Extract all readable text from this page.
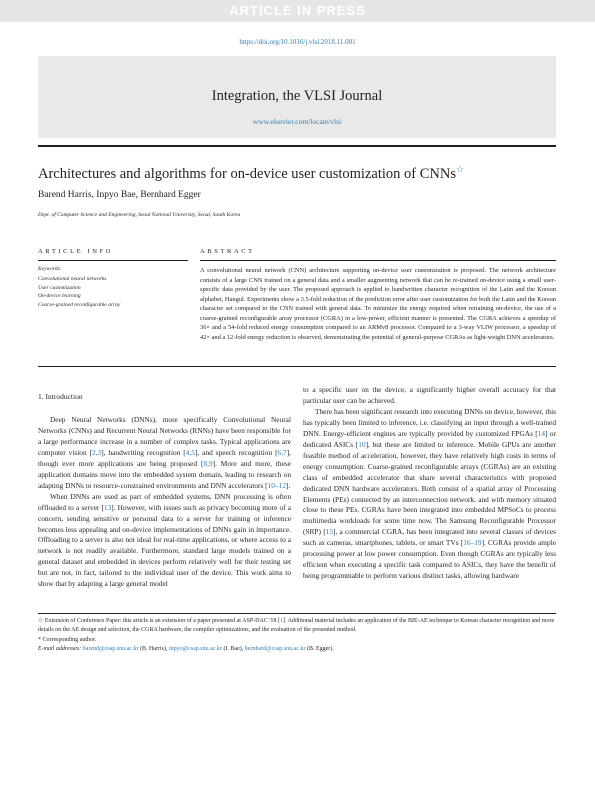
ARTICLE IN PRESS
https://doi.org/10.1016/j.vlsi.2018.11.001
Integration, the VLSI Journal
www.elsevier.com/locate/vlsi
Architectures and algorithms for on-device user customization of CNNs☆
Barend Harris, Inpyo Bae, Bernhard Egger
Dept. of Computer Science and Engineering, Seoul National University, Seoul, South Korea
ARTICLE INFO	ABSTRACT
Keywords:
Convolutional neural networks
User customization
On-device learning
Coarse-grained reconfigurable array
A convolutional neural network (CNN) architecture supporting on-device user customization is proposed. The network architecture consists of a large CNN trained on a general data and a smaller augmenting network that can be re-trained on-device using a small user-specific data provided by the user. The proposed approach is applied to handwritten character recognition of the Latin and the Korean alphabet, Hangul. Experiments show a 3.5-fold reduction of the prediction error after user customization for both the Latin and the Korean character set compared to the CNN trained with general data. To minimize the energy required when retraining on-device, the use of a coarse-grained reconfigurable array processor (CGRA) in a low-power, efficient manner is presented. The CGRA achieves a speedup of 36× and a 54-fold reduced energy consumption compared to an ARMv8 processor. Compared to a 3-way VLIW processor, a speedup of 42× and a 12-fold energy reduction is observed, demonstrating the potential of general-purpose CGRAs as light-weight DNN accelerators.
1. Introduction

Deep Neural Networks (DNNs), more specifically Convolutional Neural Networks (CNNs) and Recurrent Neural Networks (RNNs) have been responsible for a large performance increase in a number of complex tasks. Typical applications are computer vision [2,3], handwriting recognition [4,5], and speech recognition [6,7], though ever more applications are being proposed [8,9]. More and more, these application domains move into the embedded system domain, leading to research on adapting DNNs to resource-constrained environments and DNN accelerators [10–12].

When DNNs are used as part of embedded systems, DNN processing is often offloaded to a server [13]. However, with issues such as privacy becoming more of a concern, sending sensitive or personal data to a server for training or inference becomes less appealing and on-device implementations of DNNs gain in importance. Offloading to a server is also not ideal for real-time applications, or where access to a network is not readily available. Furthermore, standard large models trained on a general dataset and embedded in devices perform relatively well for their testing set but are not, in fact, tailored to the individual user of the device. This work aims to show that by adapting a large general model

to a specific user on the device, a significantly higher overall accuracy for that particular user can be achieved.

There has been significant research into executing DNNs on device, however, this has typically been limited to inference, i.e. classifying an input through a well-trained DNN. Energy-efficient engines are typically provided by customized FPGAs [14] or dedicated ASICs [10], but these are limited to inference. Mobile GPUs are another feasible method of acceleration, however, they have relatively high costs in terms of energy consumption. Coarse-grained reconfigurable arrays (CGRAs) are an existing class of embedded accelerator that share several characteristics with proposed dedicated DNN hardware accelerators. Both consist of a spatial array of Processing Elements (PEs) connected by an interconnection network, and with memory situated close to these PEs. CGRAs have been integrated into embedded MPSoCs to process multimedia workloads for some time now. The Samsung Reconfigurable Processor (SRP) [15], a commercial CGRA, has been integrated into several classes of devices such as cameras, smartphones, tablets, or smart TVs [16–19]. CGRAs provide ample processing power at low power consumption. Even though CGRAs are typically less efficient when executing a specific task compared to ASICs, they have the benefit of being programmable to perform various distinct tasks, allowing hardware

☆ Extension of Conference Paper: this article is an extension of a paper presented at ASP-DAC '18 [1]. Additional material includes an application of the BIE-AE technique to Korean character recognition and more details on the AE design and selection, the CGRA hardware, the compiler optimizations, and the evaluation of the presented method.

* Corresponding author.

E-mail addresses: barend@csap.snu.ac.kr (B. Harris), inpyo@csap.snu.ac.kr (I. Bae), bernhard@csap.snu.ac.kr (B. Egger).
